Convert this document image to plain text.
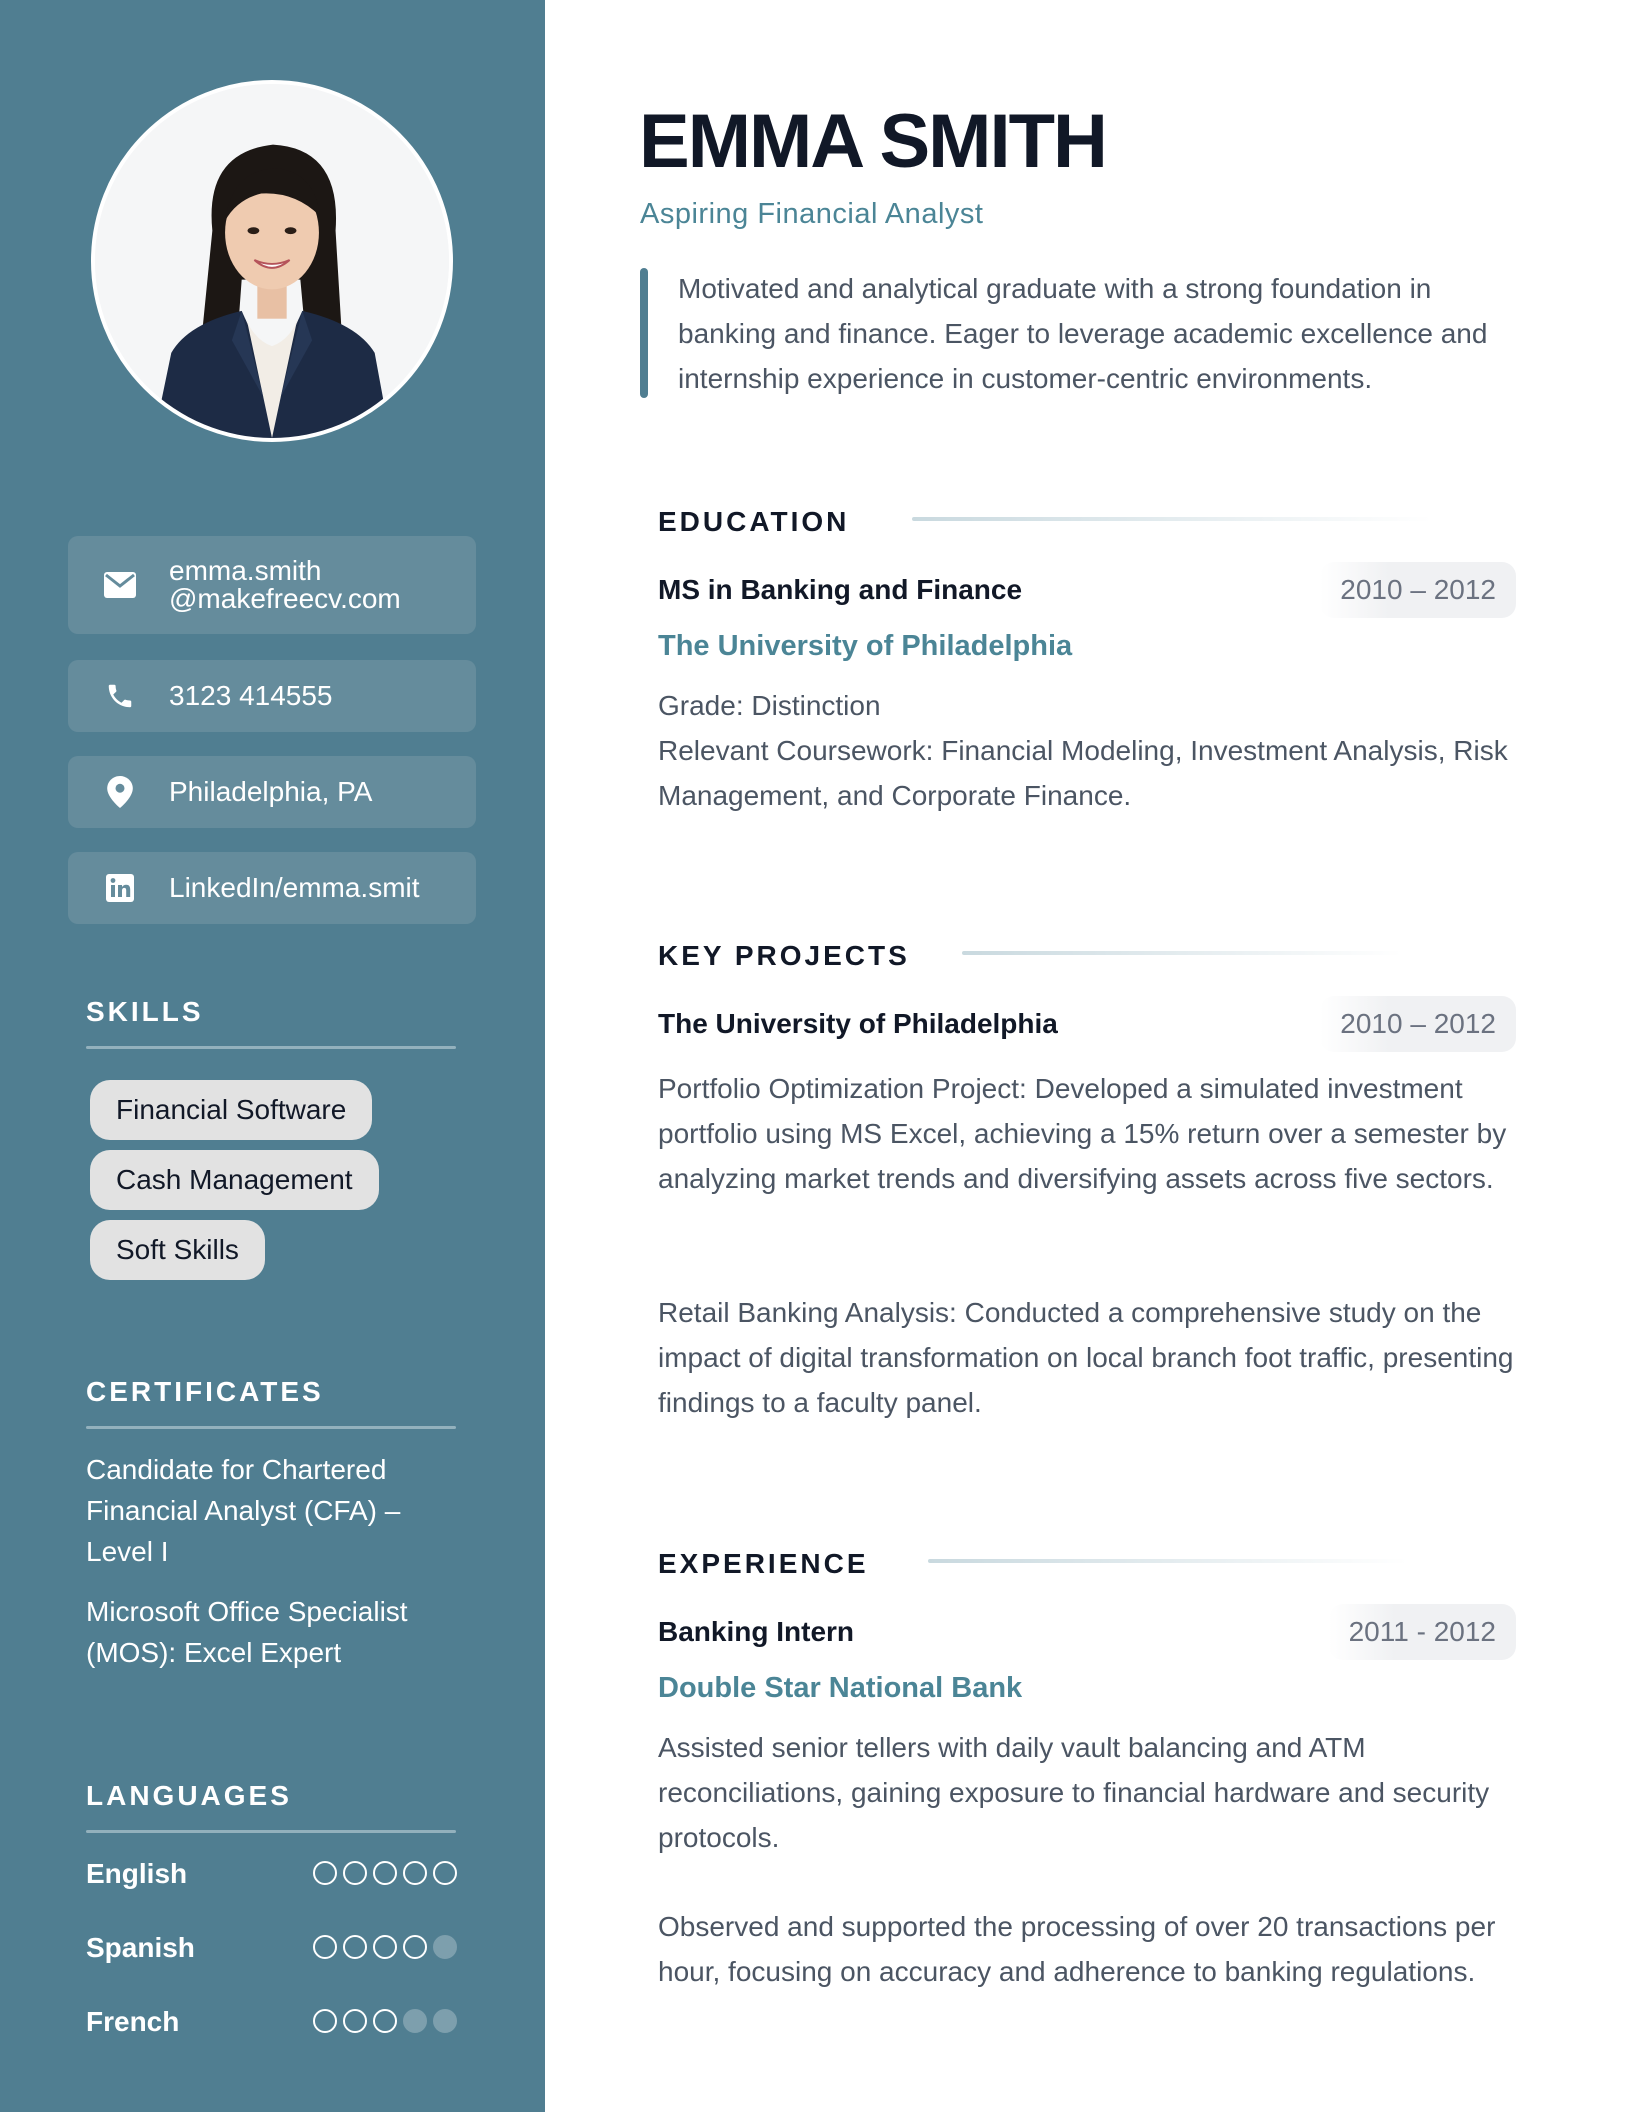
emma.smith
@makefreecv.com
3123 414555
Philadelphia, PA
LinkedIn/emma.smit
SKILLS
Financial Software
Cash Management
Soft Skills
CERTIFICATES
Candidate for Chartered Financial Analyst (CFA) – Level I
Microsoft Office Specialist (MOS): Excel Expert
LANGUAGES
English
Spanish
French
EMMA SMITH
Aspiring Financial Analyst

Motivated and analytical graduate with a strong foundation in banking and finance. Eager to leverage academic excellence and internship experience in customer-centric environments.

EDUCATION
MS in Banking and Finance	2010 – 2012
The University of Philadelphia
Grade: Distinction
Relevant Coursework: Financial Modeling, Investment Analysis, Risk Management, and Corporate Finance.
KEY PROJECTS
The University of Philadelphia	2010 – 2012
Portfolio Optimization Project: Developed a simulated investment portfolio using MS Excel, achieving a 15% return over a semester by analyzing market trends and diversifying assets across five sectors.
Retail Banking Analysis: Conducted a comprehensive study on the impact of digital transformation on local branch foot traffic, presenting findings to a faculty panel.
EXPERIENCE
Banking Intern	2011 - 2012
Double Star National Bank
Assisted senior tellers with daily vault balancing and ATM reconciliations, gaining exposure to financial hardware and security protocols.
Observed and supported the processing of over 20 transactions per hour, focusing on accuracy and adherence to banking regulations.
